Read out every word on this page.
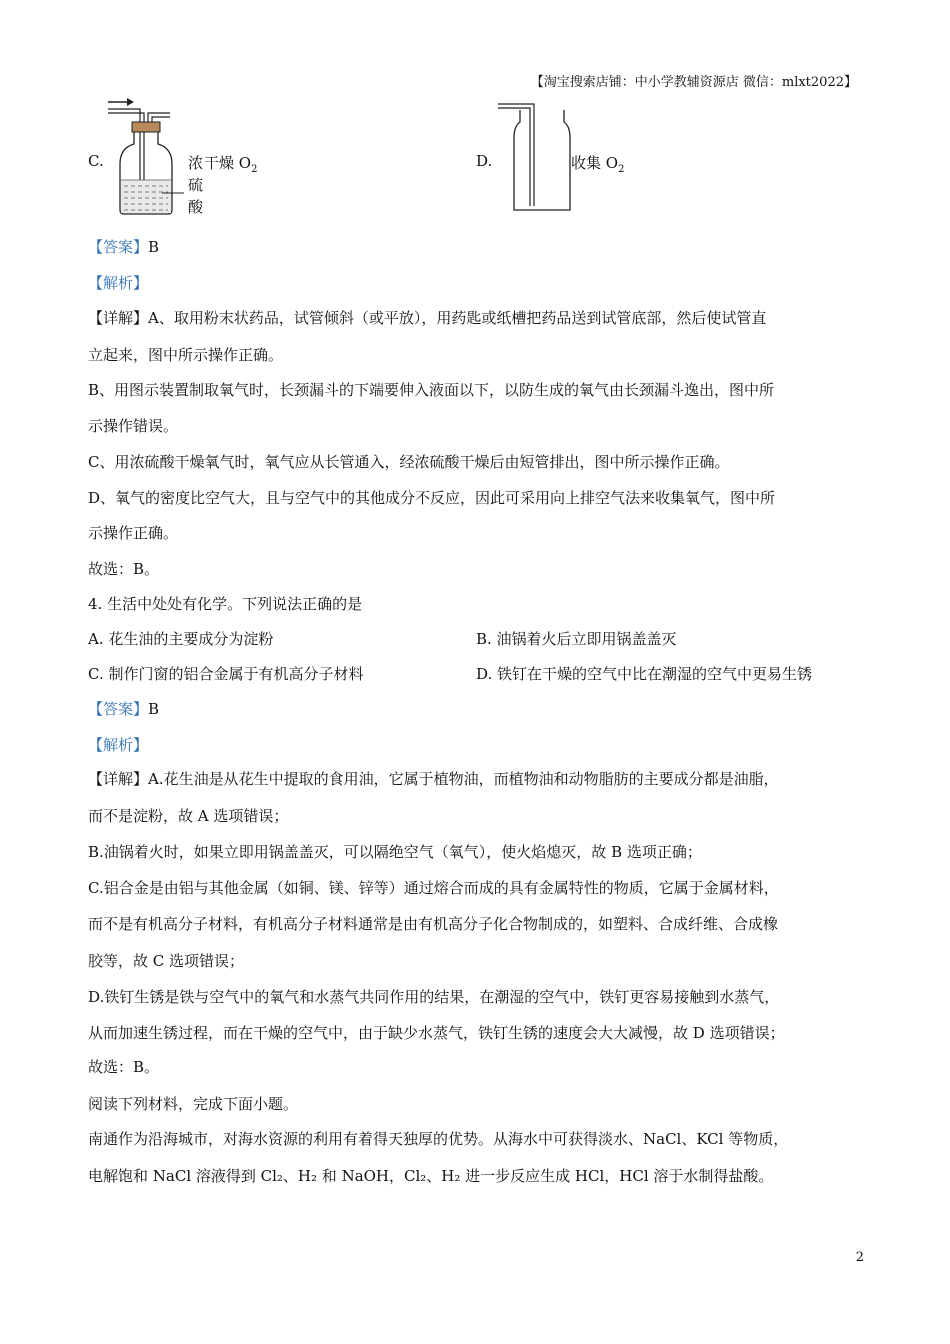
【淘宝搜索店铺：中小学教辅资源店 微信：mlxt2022】
C.	浓
硫
酸
干燥 $O_2$	D.	收集 $O_2$
【答案】B
【解析】
【详解】A、取用粉末状药品，试管倾斜（或平放），用药匙或纸槽把药品送到试管底部，然后使试管直
立起来，图中所示操作正确。
B、用图示装置制取氧气时，长颈漏斗的下端要伸入液面以下，以防生成的氧气由长颈漏斗逸出，图中所
示操作错误。
C、用浓硫酸干燥氧气时，氧气应从长管通入，经浓硫酸干燥后由短管排出，图中所示操作正确。
D、氧气的密度比空气大，且与空气中的其他成分不反应，因此可采用向上排空气法来收集氧气，图中所
示操作正确。
故选：B。
4. 生活中处处有化学。下列说法正确的是
A. 花生油的主要成分为淀粉	B. 油锅着火后立即用锅盖盖灭
C. 制作门窗的铝合金属于有机高分子材料	D. 铁钉在干燥的空气中比在潮湿的空气中更易生锈
【答案】B
【解析】
【详解】A.花生油是从花生中提取的食用油，它属于植物油，而植物油和动物脂肪的主要成分都是油脂，
而不是淀粉，故 A 选项错误；
B.油锅着火时，如果立即用锅盖盖灭，可以隔绝空气（氧气），使火焰熄灭，故 B 选项正确；
C.铝合金是由铝与其他金属（如铜、镁、锌等）通过熔合而成的具有金属特性的物质，它属于金属材料，
而不是有机高分子材料，有机高分子材料通常是由有机高分子化合物制成的，如塑料、合成纤维、合成橡
胶等，故 C 选项错误；
D.铁钉生锈是铁与空气中的氧气和水蒸气共同作用的结果，在潮湿的空气中，铁钉更容易接触到水蒸气，
从而加速生锈过程，而在干燥的空气中，由于缺少水蒸气，铁钉生锈的速度会大大减慢，故 D 选项错误；
故选：B。
阅读下列材料，完成下面小题。
南通作为沿海城市，对海水资源的利用有着得天独厚的优势。从海水中可获得淡水、NaCl、KCl 等物质，
电解饱和 NaCl 溶液得到 Cl₂、H₂ 和 NaOH，Cl₂、H₂ 进一步反应生成 HCl，HCl 溶于水制得盐酸。
2
